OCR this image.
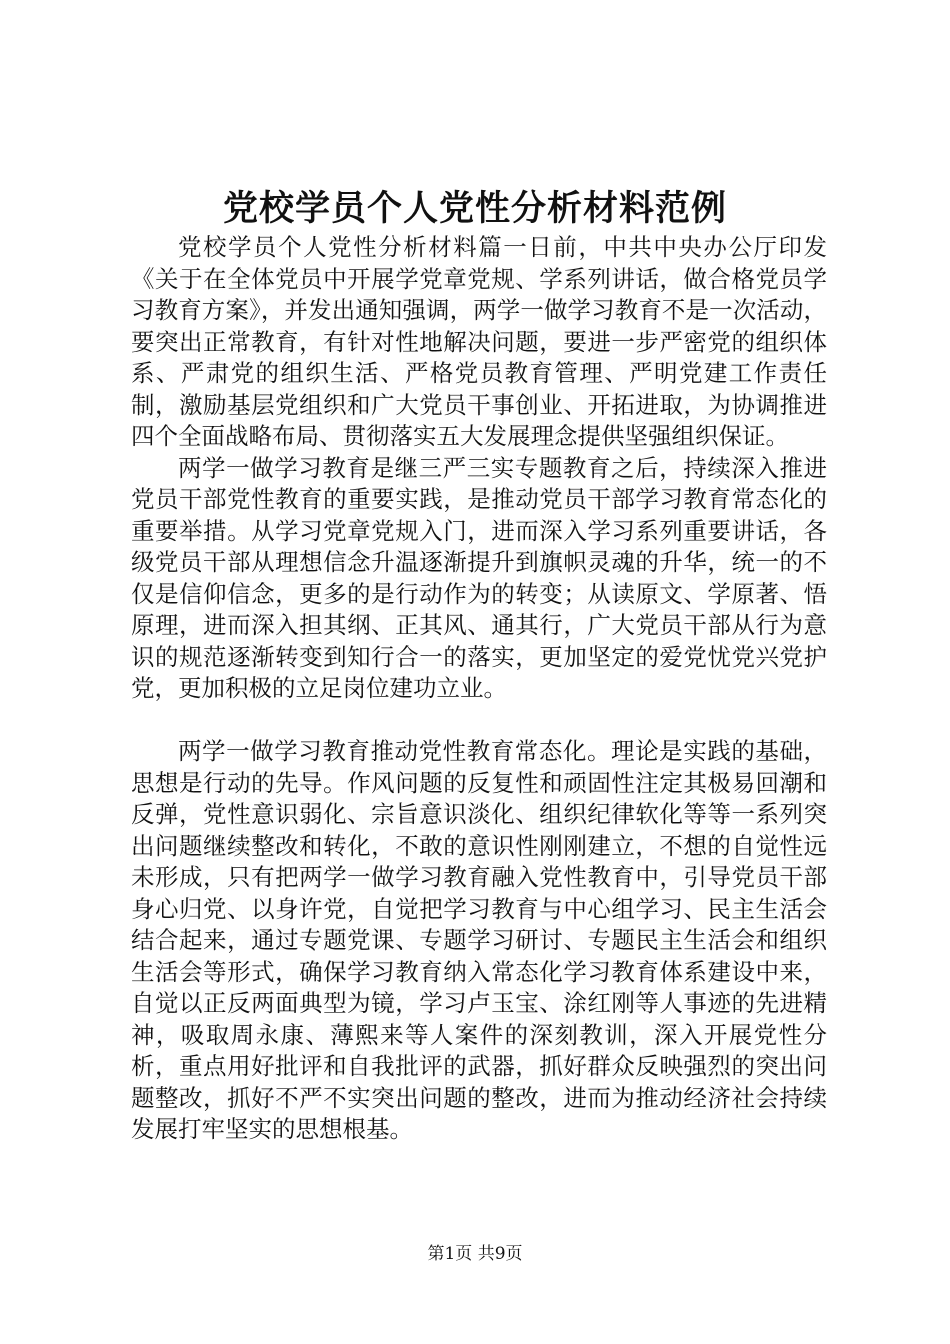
党校学员个人党性分析材料范例

党校学员个人党性分析材料篇一日前，中共中央办公厅印发《关于在全体党员中开展学党章党规、学系列讲话，做合格党员学习教育方案》，并发出通知强调，两学一做学习教育不是一次活动，要突出正常教育，有针对性地解决问题，要进一步严密党的组织体系、严肃党的组织生活、严格党员教育管理、严明党建工作责任制，激励基层党组织和广大党员干事创业、开拓进取，为协调推进四个全面战略布局、贯彻落实五大发展理念提供坚强组织保证。

两学一做学习教育是继三严三实专题教育之后，持续深入推进党员干部党性教育的重要实践，是推动党员干部学习教育常态化的重要举措。从学习党章党规入门，进而深入学习系列重要讲话，各级党员干部从理想信念升温逐渐提升到旗帜灵魂的升华，统一的不仅是信仰信念，更多的是行动作为的转变；从读原文、学原著、悟原理，进而深入担其纲、正其风、通其行，广大党员干部从行为意识的规范逐渐转变到知行合一的落实，更加坚定的爱党忧党兴党护党，更加积极的立足岗位建功立业。

两学一做学习教育推动党性教育常态化。理论是实践的基础，思想是行动的先导。作风问题的反复性和顽固性注定其极易回潮和反弹，党性意识弱化、宗旨意识淡化、组织纪律软化等等一系列突出问题继续整改和转化，不敢的意识性刚刚建立，不想的自觉性远未形成，只有把两学一做学习教育融入党性教育中，引导党员干部身心归党、以身许党，自觉把学习教育与中心组学习、民主生活会结合起来，通过专题党课、专题学习研讨、专题民主生活会和组织生活会等形式，确保学习教育纳入常态化学习教育体系建设中来，自觉以正反两面典型为镜，学习卢玉宝、涂红刚等人事迹的先进精神，吸取周永康、薄熙来等人案件的深刻教训，深入开展党性分析，重点用好批评和自我批评的武器，抓好群众反映强烈的突出问题整改，抓好不严不实突出问题的整改，进而为推动经济社会持续发展打牢坚实的思想根基。

第1页 共9页
